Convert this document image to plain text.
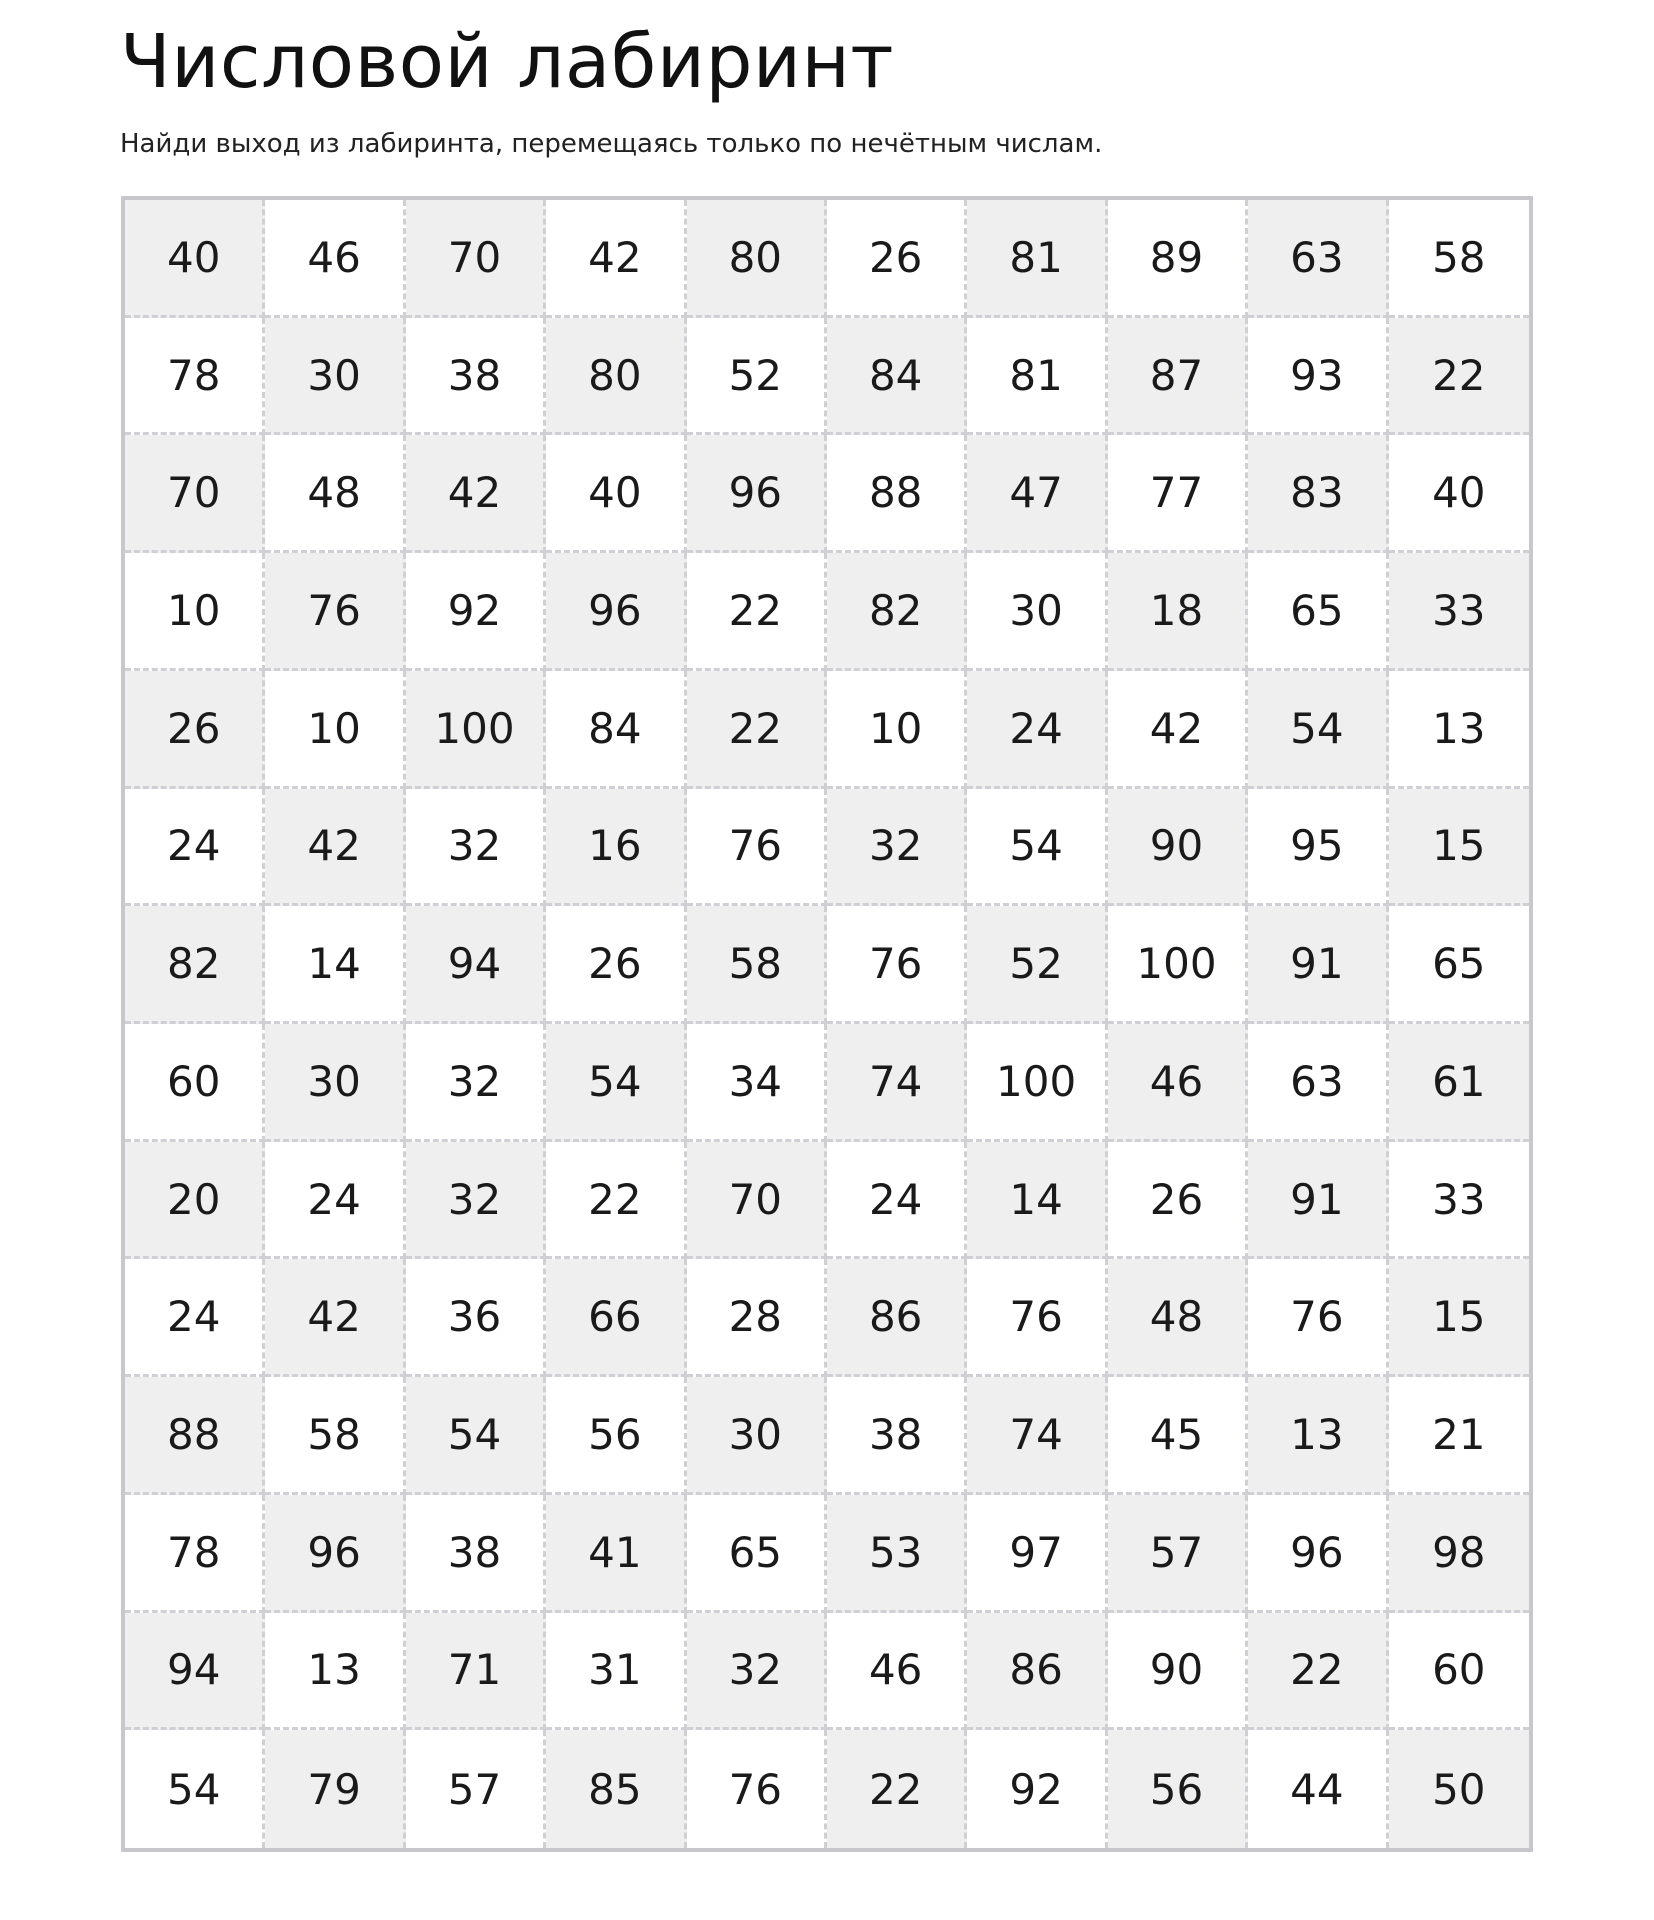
Числовой лабиринт
Найди выход из лабиринта, перемещаясь только по нечётным числам.
40	46	70	42	80	26	81	89	63	58
78	30	38	80	52	84	81	87	93	22
70	48	42	40	96	88	47	77	83	40
10	76	92	96	22	82	30	18	65	33
26	10	100	84	22	10	24	42	54	13
24	42	32	16	76	32	54	90	95	15
82	14	94	26	58	76	52	100	91	65
60	30	32	54	34	74	100	46	63	61
20	24	32	22	70	24	14	26	91	33
24	42	36	66	28	86	76	48	76	15
88	58	54	56	30	38	74	45	13	21
78	96	38	41	65	53	97	57	96	98
94	13	71	31	32	46	86	90	22	60
54	79	57	85	76	22	92	56	44	50
